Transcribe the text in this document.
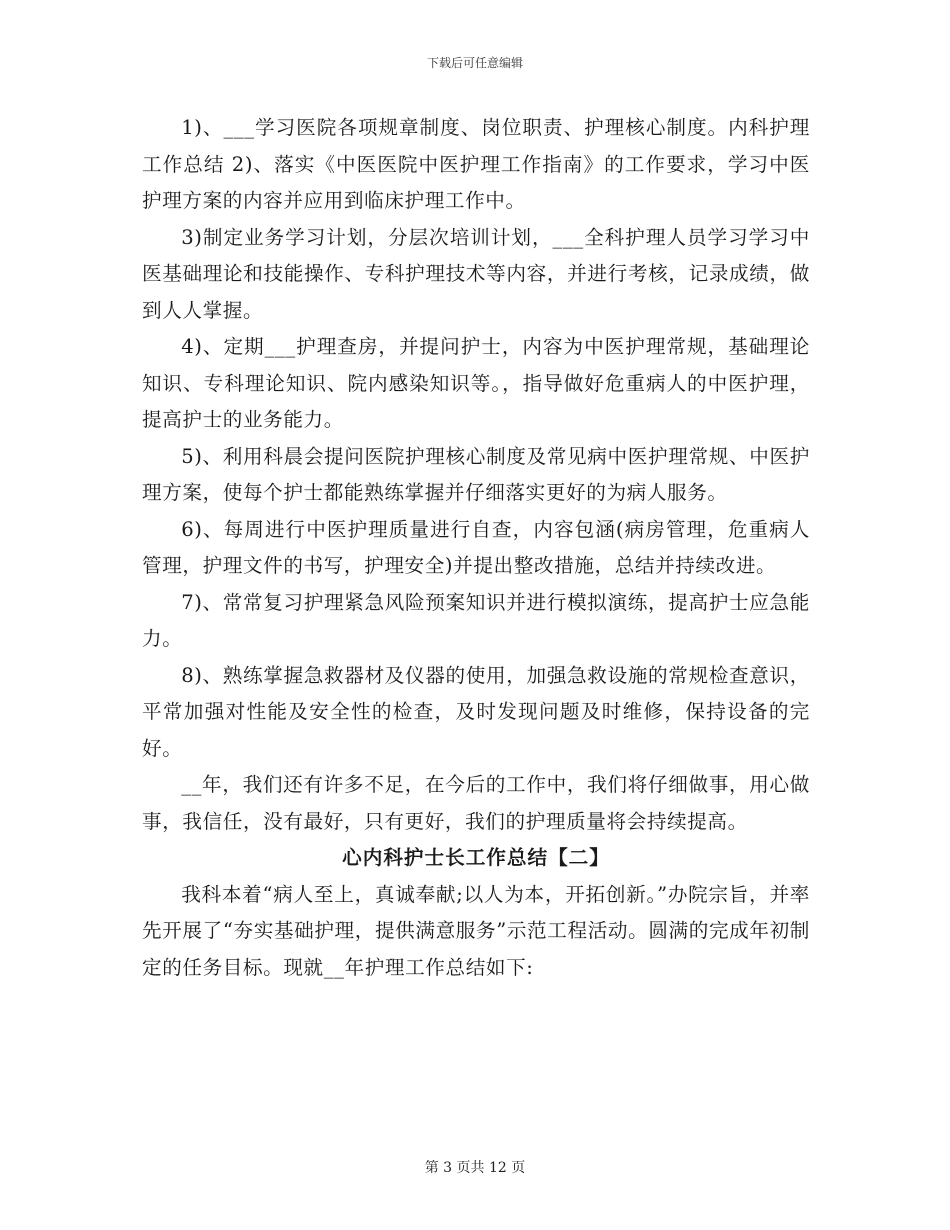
下载后可任意编辑

1)、___学习医院各项规章制度、岗位职责、护理核心制度。内科护理工作总结 2)、落实《中医医院中医护理工作指南》的工作要求，学习中医护理方案的内容并应用到临床护理工作中。

3)制定业务学习计划，分层次培训计划，___全科护理人员学习学习中医基础理论和技能操作、专科护理技术等内容，并进行考核，记录成绩，做到人人掌握。

4)、定期___护理查房，并提问护士，内容为中医护理常规，基础理论知识、专科理论知识、院内感染知识等。，指导做好危重病人的中医护理，提高护士的业务能力。

5)、利用科晨会提问医院护理核心制度及常见病中医护理常规、中医护理方案，使每个护士都能熟练掌握并仔细落实更好的为病人服务。

6)、每周进行中医护理质量进行自查，内容包涵(病房管理，危重病人管理，护理文件的书写，护理安全)并提出整改措施，总结并持续改进。

7)、常常复习护理紧急风险预案知识并进行模拟演练，提高护士应急能力。

8)、熟练掌握急救器材及仪器的使用，加强急救设施的常规检查意识，平常加强对性能及安全性的检查，及时发现问题及时维修，保持设备的完好。

__年，我们还有许多不足，在今后的工作中，我们将仔细做事，用心做事，我信任，没有最好，只有更好，我们的护理质量将会持续提高。

心内科护士长工作总结【二】

我科本着“病人至上，真诚奉献;以人为本，开拓创新。”办院宗旨，并率先开展了“夯实基础护理，提供满意服务”示范工程活动。圆满的完成年初制定的任务目标。现就__年护理工作总结如下:

第 3 页共 12 页
